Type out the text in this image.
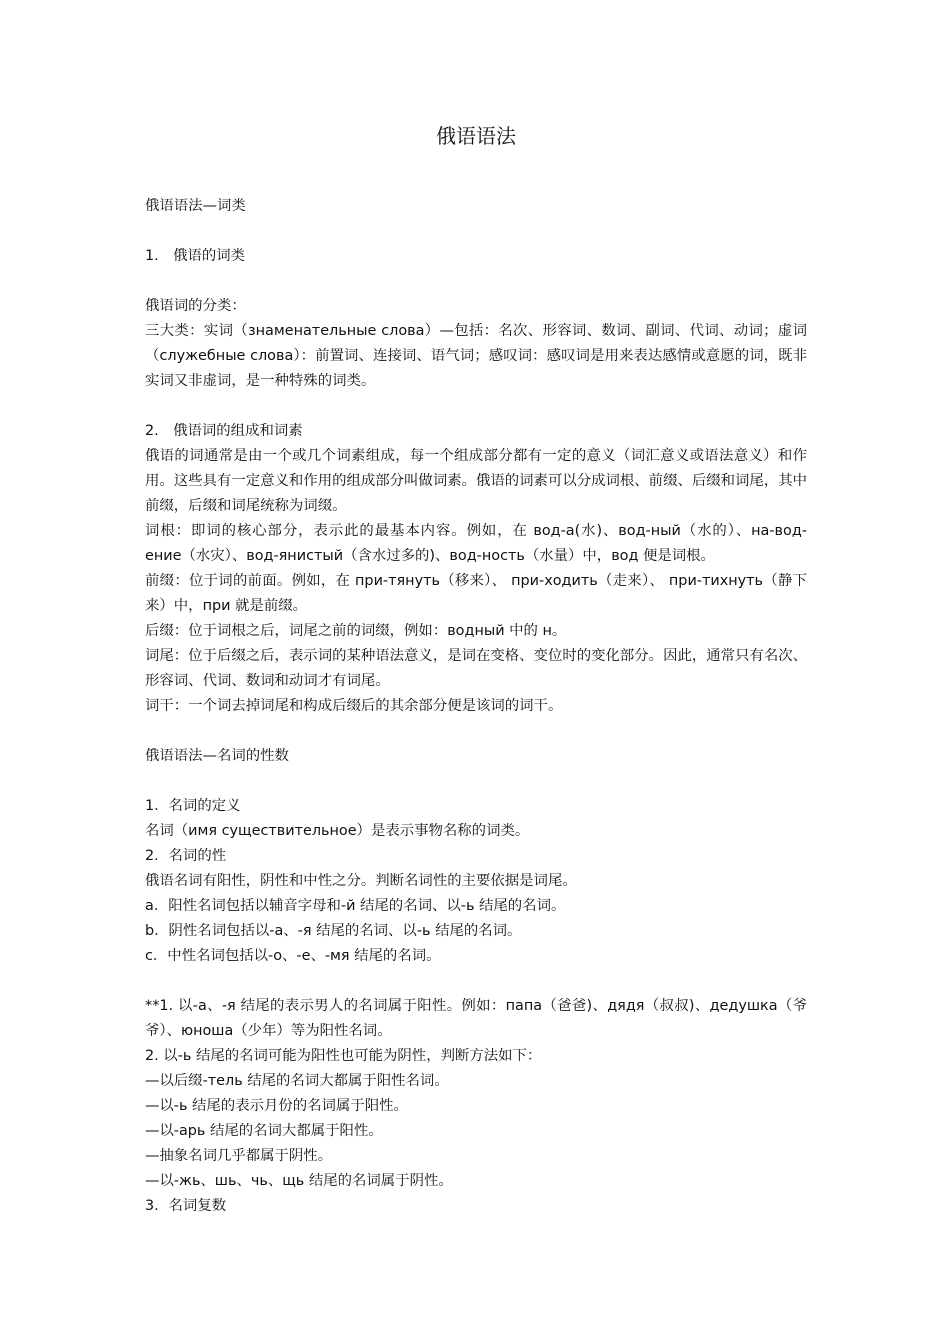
俄语语法

俄语语法—词类

1.　俄语的词类

俄语词的分类：

三大类：实词（знаменательные слова）—包括：名次、形容词、数词、副词、代词、动词；虚词（служебные слова）：前置词、连接词、语气词；感叹词：感叹词是用来表达感情或意愿的词，既非实词又非虚词，是一种特殊的词类。

2.　俄语词的组成和词素

俄语的词通常是由一个或几个词素组成，每一个组成部分都有一定的意义（词汇意义或语法意义）和作用。这些具有一定意义和作用的组成部分叫做词素。俄语的词素可以分成词根、前缀、后缀和词尾，其中前缀，后缀和词尾统称为词缀。

词根：即词的核心部分，表示此的最基本内容。例如，在 вод-а(水)、вод-ный（水的）、на-вод-ение（水灾）、вод-янистый（含水过多的)、вод-ность（水量）中，вод 便是词根。

前缀：位于词的前面。例如，在 при-тянуть（移来）、 при-ходить（走来）、 при-тихнуть（静下来）中，при 就是前缀。

后缀：位于词根之后，词尾之前的词缀，例如：водный 中的 н。

词尾：位于后缀之后，表示词的某种语法意义，是词在变格、变位时的变化部分。因此，通常只有名次、形容词、代词、数词和动词才有词尾。

词干：一个词去掉词尾和构成后缀后的其余部分便是该词的词干。

俄语语法—名词的性数

1．名词的定义

名词（имя существительное）是表示事物名称的词类。

2．名词的性

俄语名词有阳性，阴性和中性之分。判断名词性的主要依据是词尾。

a．阳性名词包括以辅音字母和-й 结尾的名词、以-ь 结尾的名词。

b．阴性名词包括以-а、-я 结尾的名词、以-ь 结尾的名词。

c．中性名词包括以-о、-е、-мя 结尾的名词。

**1. 以-а、-я 结尾的表示男人的名词属于阳性。例如：папа（爸爸)、дядя（叔叔)、дедушка（爷爷）、юноша（少年）等为阳性名词。

2. 以-ь 结尾的名词可能为阳性也可能为阴性，判断方法如下：

—以后缀-тель 结尾的名词大都属于阳性名词。

—以-ь 结尾的表示月份的名词属于阳性。

—以-арь 结尾的名词大都属于阳性。

—抽象名词几乎都属于阴性。

—以-жь、шь、чь、щь 结尾的名词属于阴性。

3．名词复数
